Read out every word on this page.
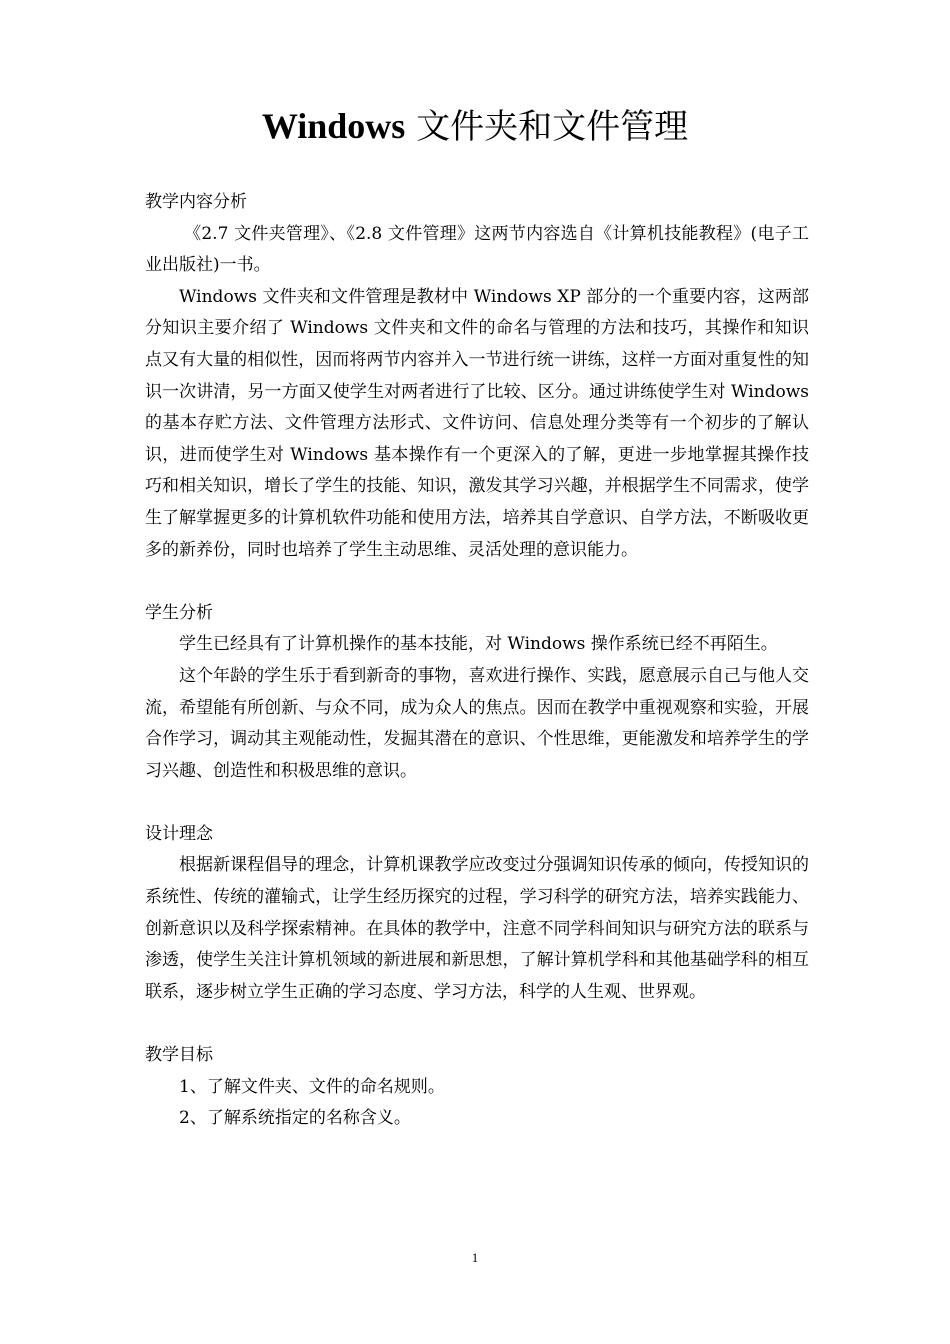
Windows 文件夹和文件管理

教学内容分析

《2.7 文件夹管理》、《2.8 文件管理》这两节内容选自《计算机技能教程》(电子工业出版社)一书。

Windows 文件夹和文件管理是教材中 Windows XP 部分的一个重要内容，这两部分知识主要介绍了 Windows 文件夹和文件的命名与管理的方法和技巧，其操作和知识点又有大量的相似性，因而将两节内容并入一节进行统一讲练，这样一方面对重复性的知识一次讲清，另一方面又使学生对两者进行了比较、区分。通过讲练使学生对 Windows 的基本存贮方法、文件管理方法形式、文件访问、信息处理分类等有一个初步的了解认识，进而使学生对 Windows 基本操作有一个更深入的了解，更进一步地掌握其操作技巧和相关知识，增长了学生的技能、知识，激发其学习兴趣，并根据学生不同需求，使学生了解掌握更多的计算机软件功能和使用方法，培养其自学意识、自学方法，不断吸收更多的新养份，同时也培养了学生主动思维、灵活处理的意识能力。

学生分析

学生已经具有了计算机操作的基本技能，对 Windows 操作系统已经不再陌生。

这个年龄的学生乐于看到新奇的事物，喜欢进行操作、实践，愿意展示自己与他人交流，希望能有所创新、与众不同，成为众人的焦点。因而在教学中重视观察和实验，开展合作学习，调动其主观能动性，发掘其潜在的意识、个性思维，更能激发和培养学生的学习兴趣、创造性和积极思维的意识。

设计理念

根据新课程倡导的理念，计算机课教学应改变过分强调知识传承的倾向，传授知识的系统性、传统的灌输式，让学生经历探究的过程，学习科学的研究方法，培养实践能力、创新意识以及科学探索精神。在具体的教学中，注意不同学科间知识与研究方法的联系与渗透，使学生关注计算机领域的新进展和新思想，了解计算机学科和其他基础学科的相互联系，逐步树立学生正确的学习态度、学习方法，科学的人生观、世界观。

教学目标

1、了解文件夹、文件的命名规则。

2、了解系统指定的名称含义。

1
